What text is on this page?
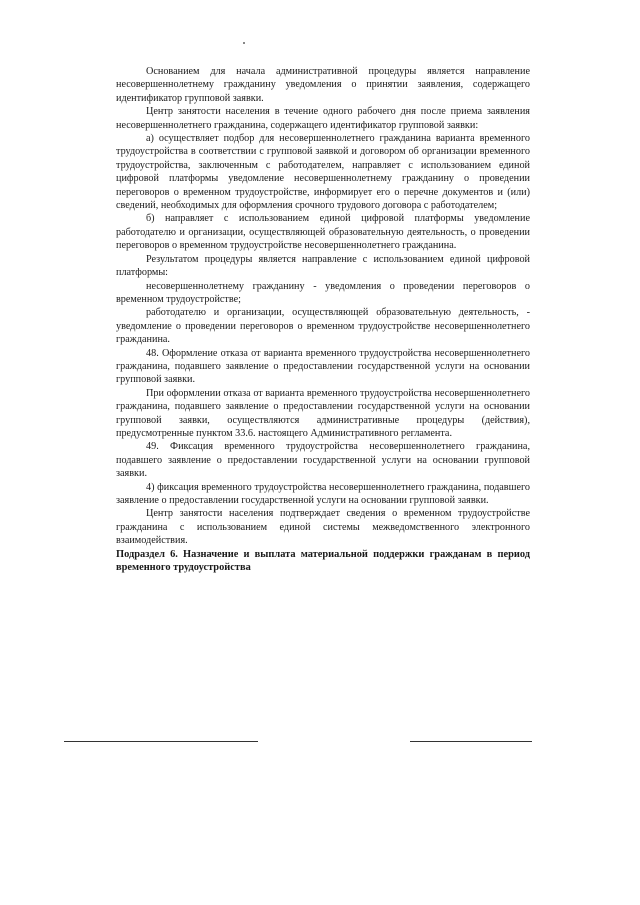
Основанием для начала административной процедуры является направление несовершеннолетнему гражданину уведомления о принятии заявления, содержащего идентификатор групповой заявки.

Центр занятости населения в течение одного рабочего дня после приема заявления несовершеннолетнего гражданина, содержащего идентификатор групповой заявки:

а) осуществляет подбор для несовершеннолетнего гражданина варианта временного трудоустройства в соответствии с групповой заявкой и договором об организации временного трудоустройства, заключенным с работодателем, направляет с использованием единой цифровой платформы уведомление несовершеннолетнему гражданину о проведении переговоров о временном трудоустройстве, информирует его о перечне документов и (или) сведений, необходимых для оформления срочного трудового договора с работодателем;

б) направляет с использованием единой цифровой платформы уведомление работодателю и организации, осуществляющей образовательную деятельность, о проведении переговоров о временном трудоустройстве несовершеннолетнего гражданина.

Результатом процедуры является направление с использованием единой цифровой платформы:

несовершеннолетнему гражданину - уведомления о проведении переговоров о временном трудоустройстве;

работодателю и организации, осуществляющей образовательную деятельность, - уведомление о проведении переговоров о временном трудоустройстве несовершеннолетнего гражданина.

48. Оформление отказа от варианта временного трудоустройства несовершеннолетнего гражданина, подавшего заявление о предоставлении государственной услуги на основании групповой заявки.

При оформлении отказа от варианта временного трудоустройства несовершеннолетнего гражданина, подавшего заявление о предоставлении государственной услуги на основании групповой заявки, осуществляются административные процедуры (действия), предусмотренные пунктом 33.6. настоящего Административного регламента.

49. Фиксация временного трудоустройства несовершеннолетнего гражданина, подавшего заявление о предоставлении государственной услуги на основании групповой заявки.

4) фиксация временного трудоустройства несовершеннолетнего гражданина, подавшего заявление о предоставлении государственной услуги на основании групповой заявки.

Центр занятости населения подтверждает сведения о временном трудоустройстве гражданина с использованием единой системы межведомственного электронного взаимодействия.

Подраздел 6. Назначение и выплата материальной поддержки гражданам в период временного трудоустройства
